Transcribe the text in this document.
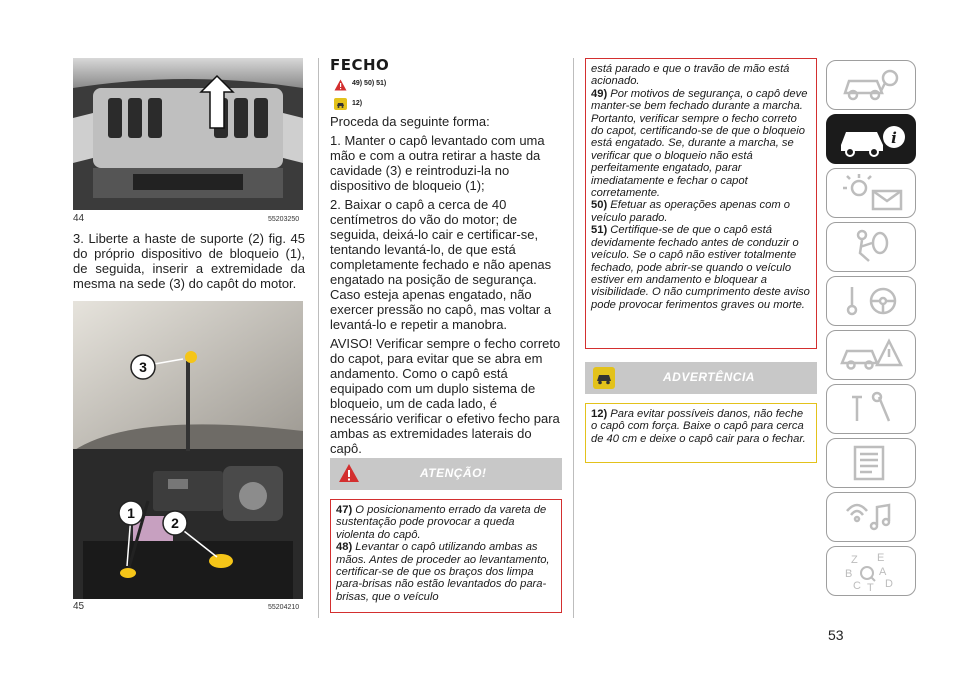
44	55203250

3. Liberte a haste de suporte (2) fig. 45 do próprio dispositivo de bloqueio (1), de seguida, inserir a extremidade da mesma na sede (3) do capôt do motor.

3
1
2
45	55204210
FECHO
49) 50) 51)
12)

Proceda da seguinte forma:

1. Manter o capô levantado com uma mão e com a outra retirar a haste da cavidade (3) e reintroduzi-la no dispositivo de bloqueio (1);

2. Baixar o capô a cerca de 40 centímetros do vão do motor; de seguida, deixá-lo cair e certificar-se, tentando levantá-lo, de que está completamente fechado e não apenas engatado na posição de segurança. Caso esteja apenas engatado, não exercer pressão no capô, mas voltar a levantá-lo e repetir a manobra.

AVISO! Verificar sempre o fecho correto do capot, para evitar que se abra em andamento. Como o capô está equipado com um duplo sistema de bloqueio, um de cada lado, é necessário verificar o efetivo fecho para ambas as extremidades laterais do capô.

ATENÇÃO!

47) O posicionamento errado da vareta de sustentação pode provocar a queda violenta do capô.

48) Levantar o capô utilizando ambas as mãos. Antes de proceder ao levantamento, certificar-se de que os braços dos limpa para-brisas não estão levantados do para-brisas, que o veículo

está parado e que o travão de mão está acionado.

49) Por motivos de segurança, o capô deve manter-se bem fechado durante a marcha. Portanto, verificar sempre o fecho correto do capot, certificando-se de que o bloqueio está engatado. Se, durante a marcha, se verificar que o bloqueio não está perfeitamente engatado, parar imediatamente e fechar o capot corretamente.

50) Efetuar as operações apenas com o veículo parado.

51) Certifique-se de que o capô está devidamente fechado antes de conduzir o veículo. Se o capô não estiver totalmente fechado, pode abrir-se quando o veículo estiver em andamento e bloquear a visibilidade. O não cumprimento deste aviso pode provocar ferimentos graves ou morte.

ADVERTÊNCIA

12) Para evitar possíveis danos, não feche o capô com força. Baixe o capô para cerca de 40 cm e deixe o capô cair para o fechar.

i
Z E
B A
C D
T
53
